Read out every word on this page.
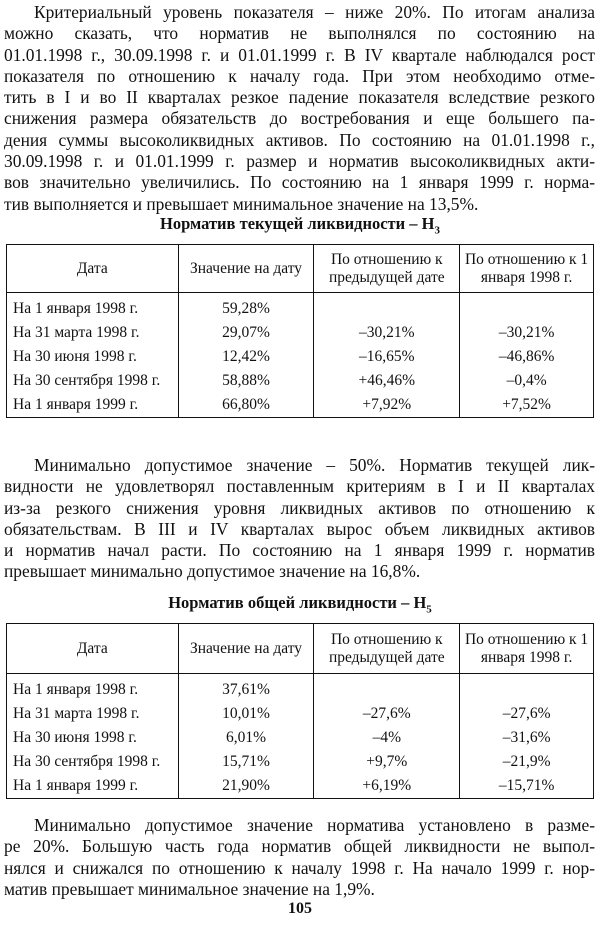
Критериальный уровень показателя – ниже 20%. По итогам анализа
можно сказать, что норматив не выполнялся по состоянию на
01.01.1998 г., 30.09.1998 г. и 01.01.1999 г. В IV квартале наблюдался рост
показателя по отношению к началу года. При этом необходимо отме-
тить в I и во II кварталах резкое падение показателя вследствие резкого
снижения размера обязательств до востребования и еще большего па-
дения суммы высоколиквидных активов. По состоянию на 01.01.1998 г.,
30.09.1998 г. и 01.01.1999 г. размер и норматив высоколиквидных акти-
вов значительно увеличились. По состоянию на 1 января 1999 г. норма-
тив выполняется и превышает минимальное значение на 13,5%.
Норматив текущей ликвидности – $Н_3$
Дата	Значение на дату	По отношению к предыдущей дате	По отношению к 1 января 1998 г.
На 1 января 1998 г.	59,28%		
На 31 марта 1998 г.	29,07%	–30,21%	–30,21%
На 30 июня 1998 г.	12,42%	–16,65%	–46,86%
На 30 сентября 1998 г.	58,88%	+46,46%	–0,4%
На 1 января 1999 г.	66,80%	+7,92%	+7,52%
Минимально допустимое значение – 50%. Норматив текущей лик-
видности не удовлетворял поставленным критериям в I и II кварталах
из-за резкого снижения уровня ликвидных активов по отношению к
обязательствам. В III и IV кварталах вырос объем ликвидных активов
и норматив начал расти. По состоянию на 1 января 1999 г. норматив
превышает минимально допустимое значение на 16,8%.
Норматив общей ликвидности – $Н_5$
Дата	Значение на дату	По отношению к предыдущей дате	По отношению к 1 января 1998 г.
На 1 января 1998 г.	37,61%		
На 31 марта 1998 г.	10,01%	–27,6%	–27,6%
На 30 июня 1998 г.	6,01%	–4%	–31,6%
На 30 сентября 1998 г.	15,71%	+9,7%	–21,9%
На 1 января 1999 г.	21,90%	+6,19%	–15,71%
Минимально допустимое значение норматива установлено в разме-
ре 20%. Большую часть года норматив общей ликвидности не выпол-
нялся и снижался по отношению к началу 1998 г. На начало 1999 г. нор-
матив превышает минимальное значение на 1,9%.
105
